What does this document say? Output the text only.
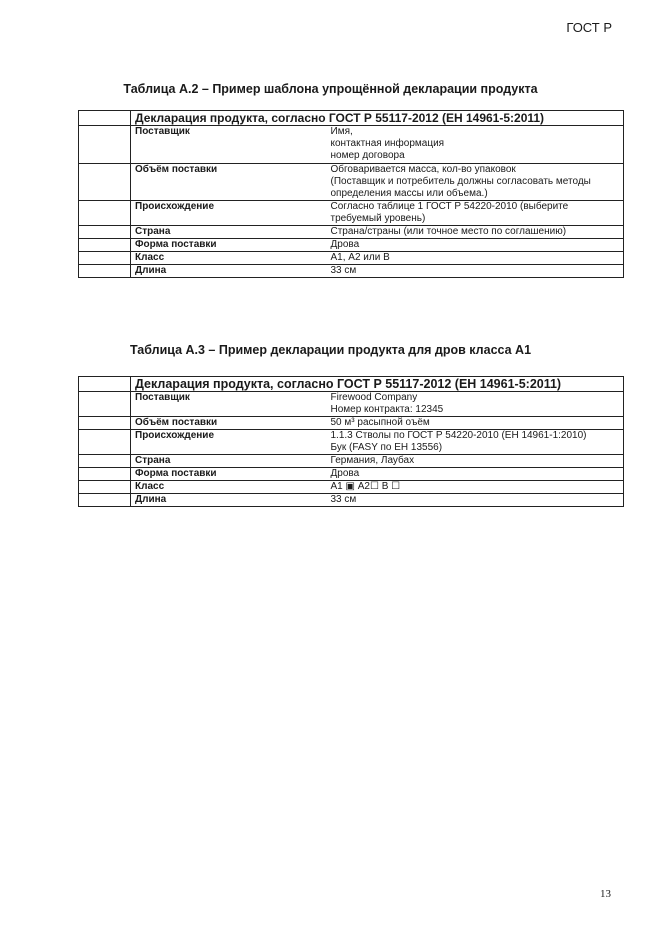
ГОСТ Р
Таблица А.2 – Пример шаблона упрощённой декларации продукта
	Декларация продукта, согласно ГОСТ Р 55117-2012 (ЕН 14961-5:2011)	
	Поставщик	Имя,
контактная информация
номер договора
	Объём поставки	Обговаривается масса, кол-во упаковок
(Поставщик и потребитель должны согласовать методы определения массы или объема.)
	Происхождение	Согласно таблице 1 ГОСТ Р 54220-2010 (выберите требуемый уровень)
	Страна	Страна/страны (или точное место по соглашению)
	Форма поставки	Дрова
	Класс	А1, А2 или В
	Длина	33 см
Таблица А.3 – Пример декларации продукта для дров класса А1
	Декларация продукта, согласно ГОСТ Р 55117-2012 (ЕН 14961-5:2011)	
	Поставщик	Firewood Company
Номер контракта: 12345
	Объём поставки	50 м³ расыпной оъём
	Происхождение	1.1.3 Стволы по ГОСТ Р 54220-2010 (ЕН 14961-1:2010)
Бук (FASY по ЕН 13556)
	Страна	Германия, Лаубах
	Форма поставки	Дрова
	Класс	А1 ▣ А2☐ В ☐
	Длина	33 см
13
